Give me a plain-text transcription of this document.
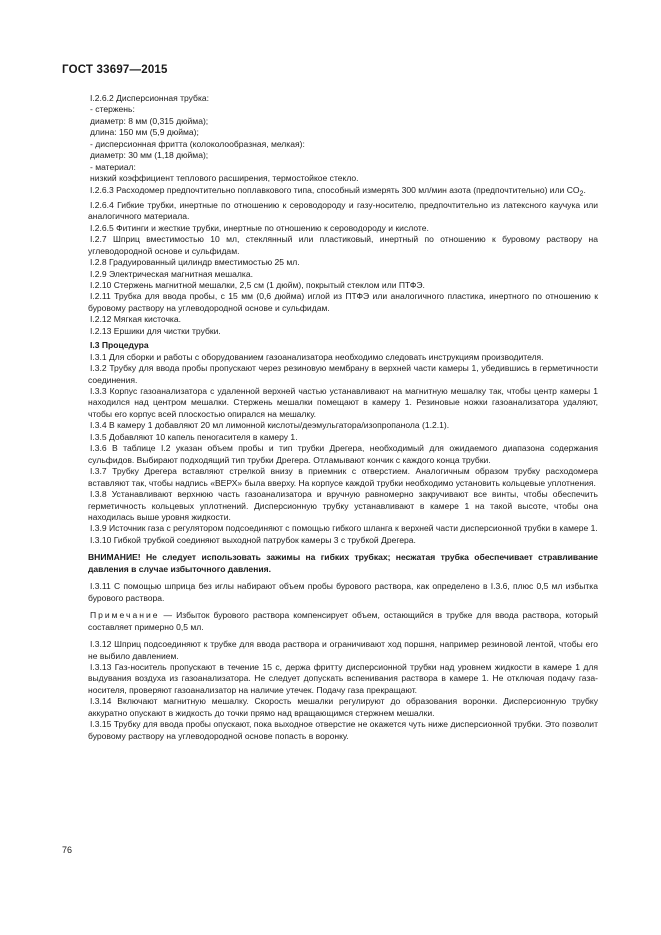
ГОСТ 33697—2015

I.2.6.2 Дисперсионная трубка:

- стержень:

диаметр: 8 мм (0,315 дюйма);

длина: 150 мм (5,9 дюйма);

- дисперсионная фритта (колоколообразная, мелкая):

диаметр: 30 мм (1,18 дюйма);

- материал:

низкий коэффициент теплового расширения, термостойкое стекло.

I.2.6.3 Расходомер предпочтительно поплавкового типа, способный измерять 300 мл/мин азота (предпочтительно) или $CO_2$.

I.2.6.4 Гибкие трубки, инертные по отношению к сероводороду и газу-носителю, предпочтительно из латексного каучука или аналогичного материала.

I.2.6.5 Фитинги и жесткие трубки, инертные по отношению к сероводороду и кислоте.

I.2.7 Шприц вместимостью 10 мл, стеклянный или пластиковый, инертный по отношению к буровому раствору на углеводородной основе и сульфидам.

I.2.8 Градуированный цилиндр вместимостью 25 мл.

I.2.9 Электрическая магнитная мешалка.

I.2.10 Стержень магнитной мешалки, 2,5 см (1 дюйм), покрытый стеклом или ПТФЭ.

I.2.11 Трубка для ввода пробы, с 15 мм (0,6 дюйма) иглой из ПТФЭ или аналогичного пластика, инертного по отношению к буровому раствору на углеводородной основе и сульфидам.

I.2.12 Мягкая кисточка.

I.2.13 Ершики для чистки трубки.

I.3 Процедура

I.3.1 Для сборки и работы с оборудованием газоанализатора необходимо следовать инструкциям производителя.

I.3.2 Трубку для ввода пробы пропускают через резиновую мембрану в верхней части камеры 1, убедившись в герметичности соединения.

I.3.3 Корпус газоанализатора с удаленной верхней частью устанавливают на магнитную мешалку так, чтобы центр камеры 1 находился над центром мешалки. Стержень мешалки помещают в камеру 1. Резиновые ножки газоанализатора удаляют, чтобы его корпус всей плоскостью опирался на мешалку.

I.3.4 В камеру 1 добавляют 20 мл лимонной кислоты/деэмульгатора/изопропанола (1.2.1).

I.3.5 Добавляют 10 капель пеногасителя в камеру 1.

I.3.6 В таблице I.2 указан объем пробы и тип трубки Дрегера, необходимый для ожидаемого диапазона содержания сульфидов. Выбирают подходящий тип трубки Дрегера. Отламывают кончик с каждого конца трубки.

I.3.7 Трубку Дрегера вставляют стрелкой внизу в приемник с отверстием. Аналогичным образом трубку расходомера вставляют так, чтобы надпись «ВЕРХ» была вверху. На корпусе каждой трубки необходимо установить кольцевые уплотнения.

I.3.8 Устанавливают верхнюю часть газоанализатора и вручную равномерно закручивают все винты, чтобы обеспечить герметичность кольцевых уплотнений. Дисперсионную трубку устанавливают в камере 1 на такой высоте, чтобы она находилась выше уровня жидкости.

I.3.9 Источник газа с регулятором подсоединяют с помощью гибкого шланга к верхней части дисперсионной трубки в камере 1.

I.3.10 Гибкой трубкой соединяют выходной патрубок камеры 3 с трубкой Дрегера.

ВНИМАНИЕ! Не следует использовать зажимы на гибких трубках; несжатая трубка обеспечивает стравливание давления в случае избыточного давления.

I.3.11 С помощью шприца без иглы набирают объем пробы бурового раствора, как определено в I.3.6, плюс 0,5 мл избытка бурового раствора.

Примечание — Избыток бурового раствора компенсирует объем, остающийся в трубке для ввода раствора, который составляет примерно 0,5 мл.

I.3.12 Шприц подсоединяют к трубке для ввода раствора и ограничивают ход поршня, например резиновой лентой, чтобы его не выбило давлением.

I.3.13 Газ-носитель пропускают в течение 15 с, держа фритту дисперсионной трубки над уровнем жидкости в камере 1 для выдувания воздуха из газоанализатора. Не следует допускать вспенивания раствора в камере 1. Не отключая подачу газа-носителя, проверяют газоанализатор на наличие утечек. Подачу газа прекращают.

I.3.14 Включают магнитную мешалку. Скорость мешалки регулируют до образования воронки. Дисперсионную трубку аккуратно опускают в жидкость до точки прямо над вращающимся стержнем мешалки.

I.3.15 Трубку для ввода пробы опускают, пока выходное отверстие не окажется чуть ниже дисперсионной трубки. Это позволит буровому раствору на углеводородной основе попасть в воронку.

76
